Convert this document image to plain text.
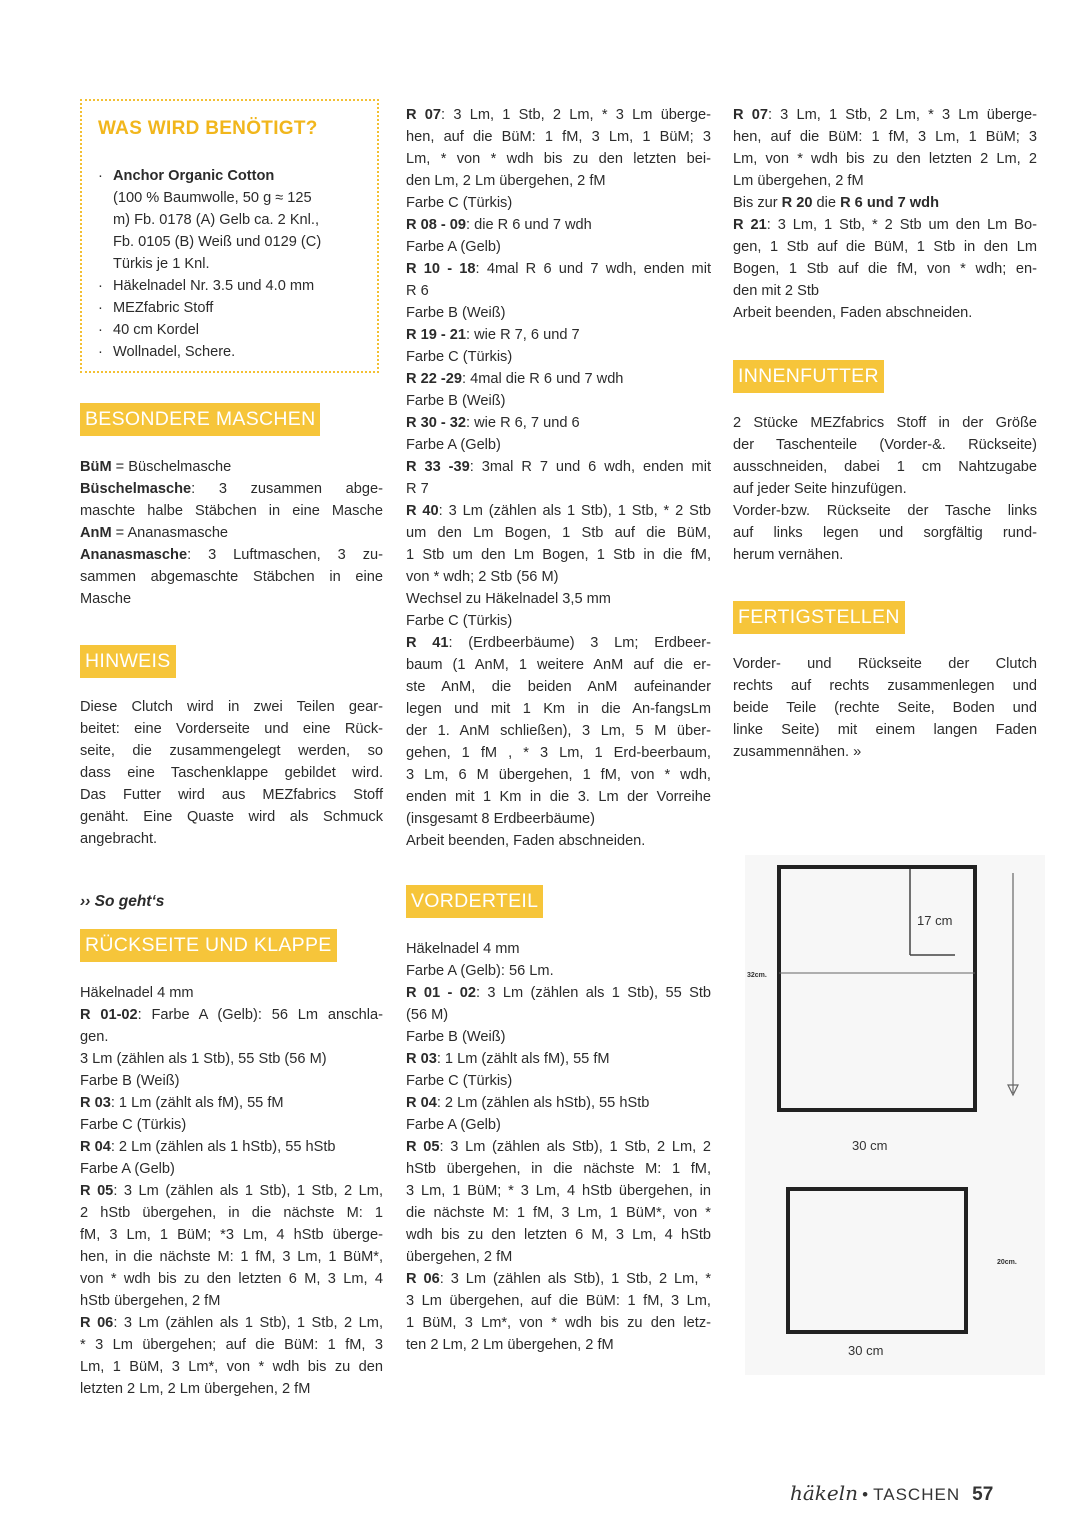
WAS WIRD BENÖTIGT?
· Anchor Organic Cotton
(100 % Baumwolle, 50 g ≈ 125
m) Fb. 0178 (A) Gelb ca. 2 Knl.,
Fb. 0105 (B) Weiß und 0129 (C)
Türkis je 1 Knl.
· Häkelnadel Nr. 3.5 und 4.0 mm
· MEZfabric Stoff
· 40 cm Kordel
· Wollnadel, Schere.
BESONDERE MASCHEN
BüM = Büschelmasche
Büschelmasche: 3 zusammen abge-
maschte halbe Stäbchen in eine Masche
AnM = Ananasmasche
Ananasmasche: 3 Luftmaschen, 3 zu-
sammen abgemaschte Stäbchen in eine
Masche
HINWEIS
Diese Clutch wird in zwei Teilen gear-
beitet: eine Vorderseite und eine Rück-
seite, die zusammengelegt werden, so
dass eine Taschenklappe gebildet wird.
Das Futter wird aus MEZfabrics Stoff
genäht. Eine Quaste wird als Schmuck
angebracht.
›› So geht‘s
RÜCKSEITE UND KLAPPE
Häkelnadel 4 mm
R 01-02: Farbe A (Gelb): 56 Lm anschla-
gen.
3 Lm (zählen als 1 Stb), 55 Stb (56 M)
Farbe B (Weiß)
R 03: 1 Lm (zählt als fM), 55 fM
Farbe C (Türkis)
R 04: 2 Lm (zählen als 1 hStb), 55 hStb
Farbe A (Gelb)
R 05: 3 Lm (zählen als 1 Stb), 1 Stb, 2 Lm,
2 hStb übergehen, in die nächste M: 1
fM, 3 Lm, 1 BüM; *3 Lm, 4 hStb überge-
hen, in die nächste M: 1 fM, 3 Lm, 1 BüM*,
von * wdh bis zu den letzten 6 M, 3 Lm, 4
hStb übergehen, 2 fM
R 06: 3 Lm (zählen als 1 Stb), 1 Stb, 2 Lm,
* 3 Lm übergehen; auf die BüM: 1 fM, 3
Lm, 1 BüM, 3 Lm*, von * wdh bis zu den
letzten 2 Lm, 2 Lm übergehen, 2 fM
R 07: 3 Lm, 1 Stb, 2 Lm, * 3 Lm überge-
hen, auf die BüM: 1 fM, 3 Lm, 1 BüM; 3
Lm, * von * wdh bis zu den letzten bei-
den Lm, 2 Lm übergehen, 2 fM
Farbe C (Türkis)
R 08 - 09: die R 6 und 7 wdh
Farbe A (Gelb)
R 10 - 18: 4mal R 6 und 7 wdh, enden mit
R 6
Farbe B (Weiß)
R 19 - 21: wie R 7, 6 und 7
Farbe C (Türkis)
R 22 -29: 4mal die R 6 und 7 wdh
Farbe B (Weiß)
R 30 - 32: wie R 6, 7 und 6
Farbe A (Gelb)
R 33 -39: 3mal R 7 und 6 wdh, enden mit
R 7
R 40: 3 Lm (zählen als 1 Stb), 1 Stb, * 2 Stb
um den Lm Bogen, 1 Stb auf die BüM,
1 Stb um den Lm Bogen, 1 Stb in die fM,
von * wdh; 2 Stb (56 M)
Wechsel zu Häkelnadel 3,5 mm
Farbe C (Türkis)
R 41: (Erdbeerbäume) 3 Lm; Erdbeer-
baum (1 AnM, 1 weitere AnM auf die er-
ste AnM, die beiden AnM aufeinander
legen und mit 1 Km in die An-fangsLm
der 1. AnM schließen), 3 Lm, 5 M über-
gehen, 1 fM , * 3 Lm, 1 Erd-beerbaum,
3 Lm, 6 M übergehen, 1 fM, von * wdh,
enden mit 1 Km in die 3. Lm der Vorreihe
(insgesamt 8 Erdbeerbäume)
Arbeit beenden, Faden abschneiden.
VORDERTEIL
Häkelnadel 4 mm
Farbe A (Gelb): 56 Lm.
R 01 - 02: 3 Lm (zählen als 1 Stb), 55 Stb
(56 M)
Farbe B (Weiß)
R 03: 1 Lm (zählt als fM), 55 fM
Farbe C (Türkis)
R 04: 2 Lm (zählen als hStb), 55 hStb
Farbe A (Gelb)
R 05: 3 Lm (zählen als Stb), 1 Stb, 2 Lm, 2
hStb übergehen, in die nächste M: 1 fM,
3 Lm, 1 BüM; * 3 Lm, 4 hStb übergehen, in
die nächste M: 1 fM, 3 Lm, 1 BüM*, von *
wdh bis zu den letzten 6 M, 3 Lm, 4 hStb
übergehen, 2 fM
R 06: 3 Lm (zählen als Stb), 1 Stb, 2 Lm, *
3 Lm übergehen, auf die BüM: 1 fM, 3 Lm,
1 BüM, 3 Lm*, von * wdh bis zu den letz-
ten 2 Lm, 2 Lm übergehen, 2 fM
R 07: 3 Lm, 1 Stb, 2 Lm, * 3 Lm überge-
hen, auf die BüM: 1 fM, 3 Lm, 1 BüM; 3
Lm, von * wdh bis zu den letzten 2 Lm, 2
Lm übergehen, 2 fM
Bis zur R 20 die R 6 und 7 wdh
R 21: 3 Lm, 1 Stb, * 2 Stb um den Lm Bo-
gen, 1 Stb auf die BüM, 1 Stb in den Lm
Bogen, 1 Stb auf die fM, von * wdh; en-
den mit 2 Stb
Arbeit beenden, Faden abschneiden.
INNENFUTTER
2 Stücke MEZfabrics Stoff in der Größe
der Taschenteile (Vorder-&. Rückseite)
ausschneiden, dabei 1 cm Nahtzugabe
auf jeder Seite hinzufügen.
Vorder-bzw. Rückseite der Tasche links
auf links legen und sorgfältig rund-
herum vernähen.
FERTIGSTELLEN
Vorder- und Rückseite der Clutch
rechts auf rechts zusammenlegen und
beide Teile (rechte Seite, Boden und
linke Seite) mit einem langen Faden
zusammennähen. »
17 cm
32cm.
30 cm
20cm.
30 cm
häkeln • TASCHEN 57
